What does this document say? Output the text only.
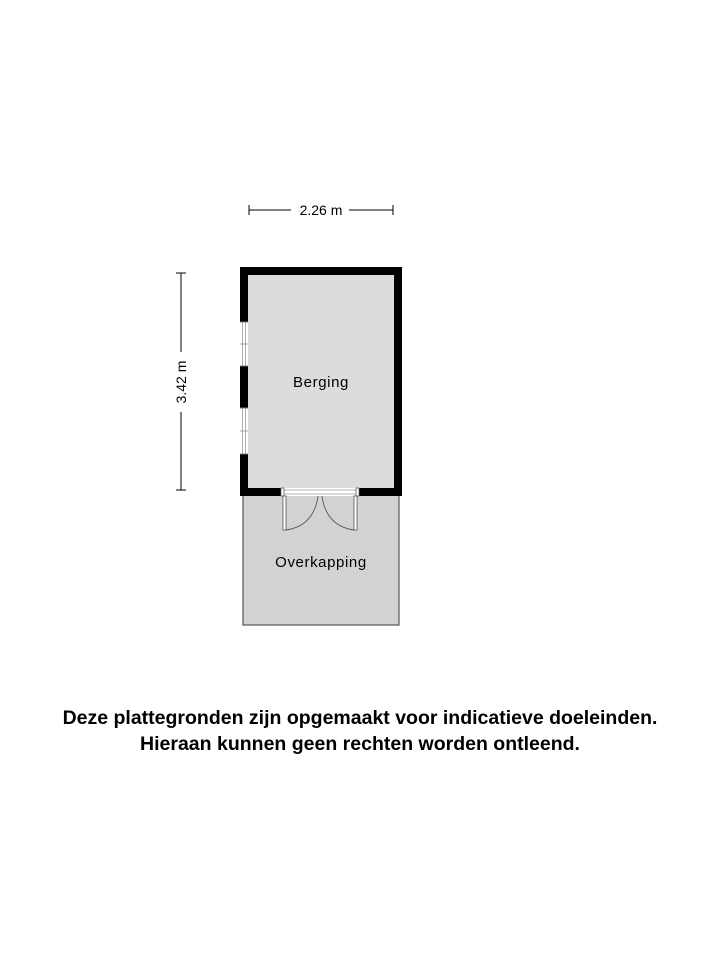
2.26 m
3.42 m	Berging
Overkapping
Deze plattegronden zijn opgemaakt voor indicatieve doeleinden.
Hieraan kunnen geen rechten worden ontleend.
